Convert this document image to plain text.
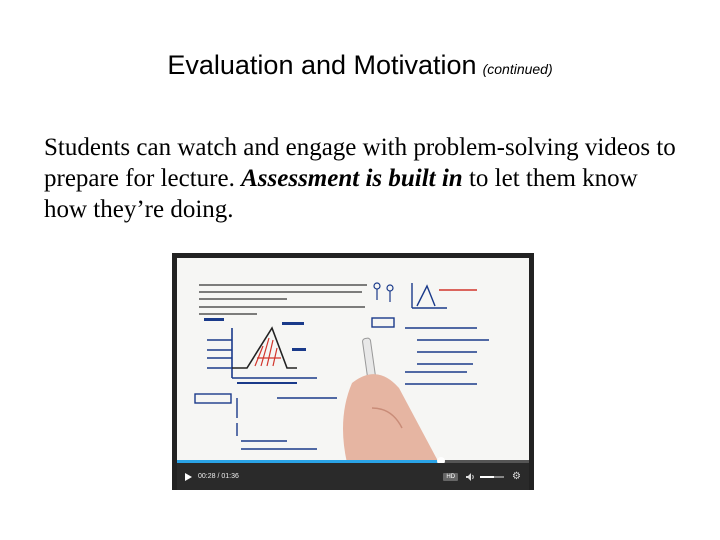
Evaluation and Motivation (continued)
Students can watch and engage with problem-solving videos to prepare for lecture. Assessment is built in to let them know how they’re doing.
00:28 / 01:36	HD	⚙
